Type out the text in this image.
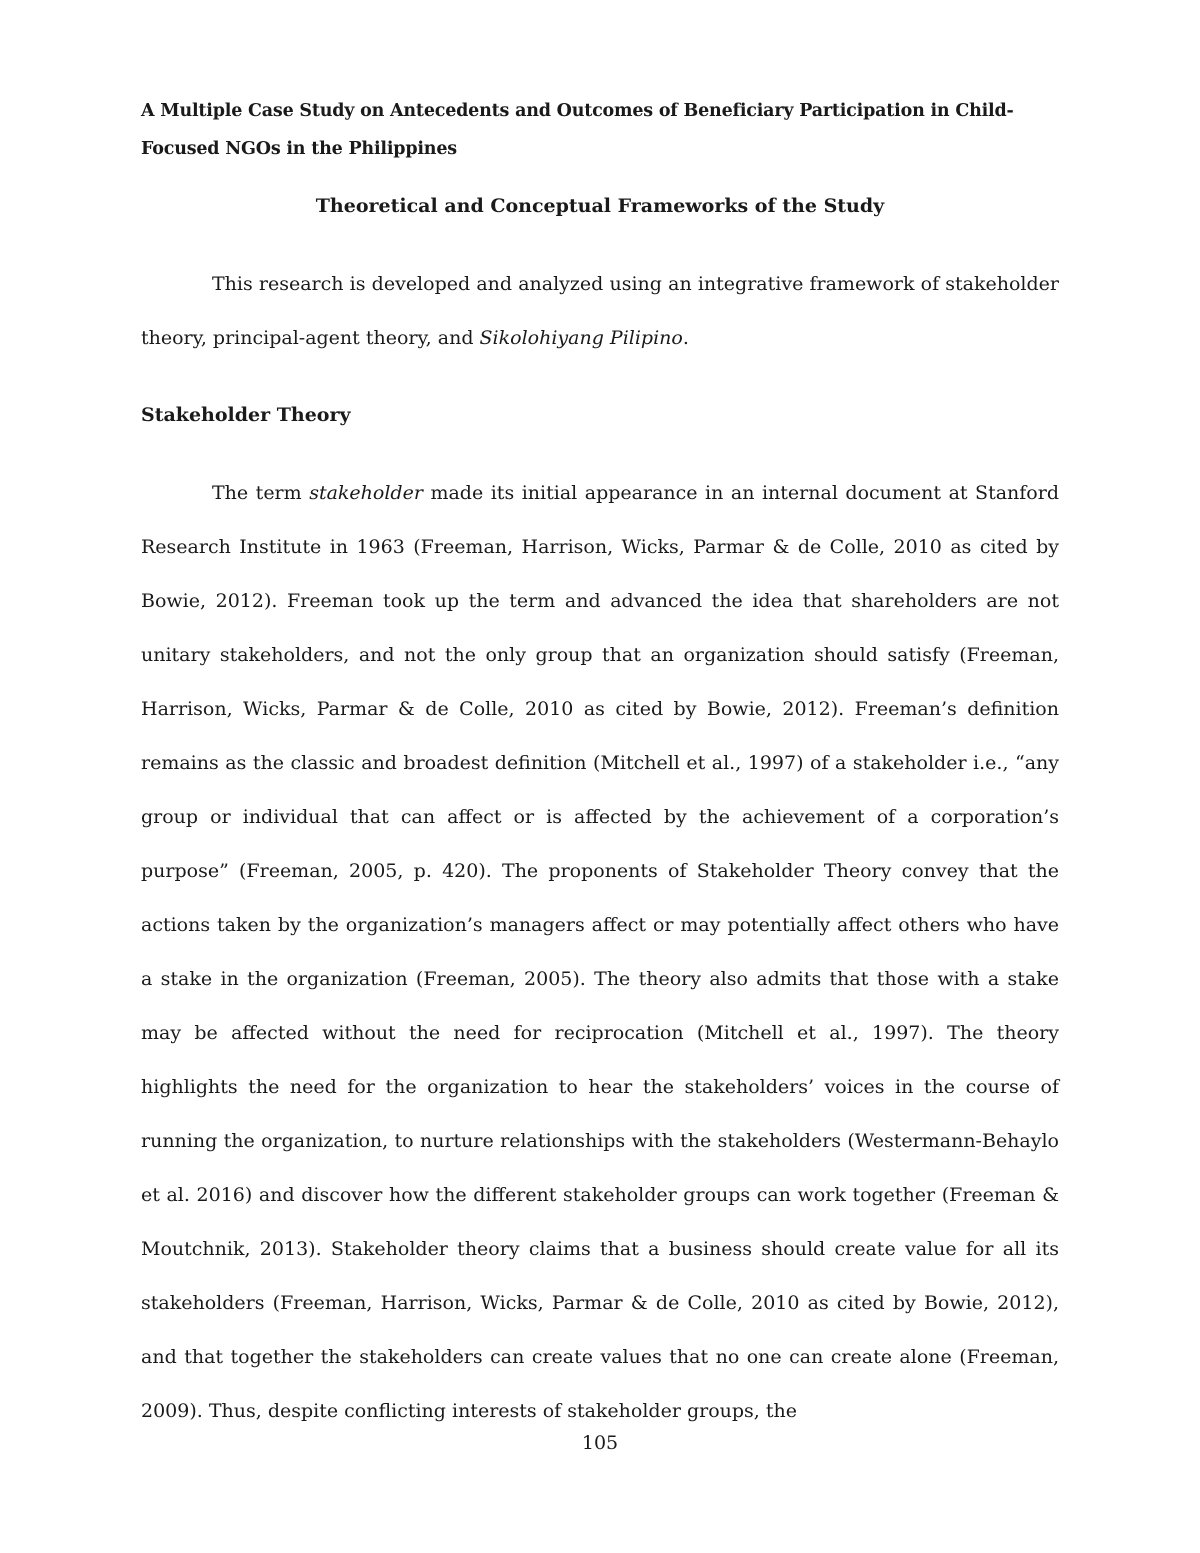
A Multiple Case Study on Antecedents and Outcomes of Beneficiary Participation in Child-Focused NGOs in the Philippines
Theoretical and Conceptual Frameworks of the Study

This research is developed and analyzed using an integrative framework of stakeholder theory, principal-agent theory, and Sikolohiyang Pilipino.

Stakeholder Theory

The term stakeholder made its initial appearance in an internal document at Stanford Research Institute in 1963 (Freeman, Harrison, Wicks, Parmar & de Colle, 2010 as cited by Bowie, 2012). Freeman took up the term and advanced the idea that shareholders are not unitary stakeholders, and not the only group that an organization should satisfy (Freeman, Harrison, Wicks, Parmar & de Colle, 2010 as cited by Bowie, 2012). Freeman’s definition remains as the classic and broadest definition (Mitchell et al., 1997) of a stakeholder i.e., “any group or individual that can affect or is affected by the achievement of a corporation’s purpose” (Freeman, 2005, p. 420). The proponents of Stakeholder Theory convey that the actions taken by the organization’s managers affect or may potentially affect others who have a stake in the organization (Freeman, 2005). The theory also admits that those with a stake may be affected without the need for reciprocation (Mitchell et al., 1997). The theory highlights the need for the organization to hear the stakeholders’ voices in the course of running the organization, to nurture relationships with the stakeholders (Westermann-Behaylo et al. 2016) and discover how the different stakeholder groups can work together (Freeman & Moutchnik, 2013). Stakeholder theory claims that a business should create value for all its stakeholders (Freeman, Harrison, Wicks, Parmar & de Colle, 2010 as cited by Bowie, 2012), and that together the stakeholders can create values that no one can create alone (Freeman, 2009). Thus, despite conflicting interests of stakeholder groups, the

105
